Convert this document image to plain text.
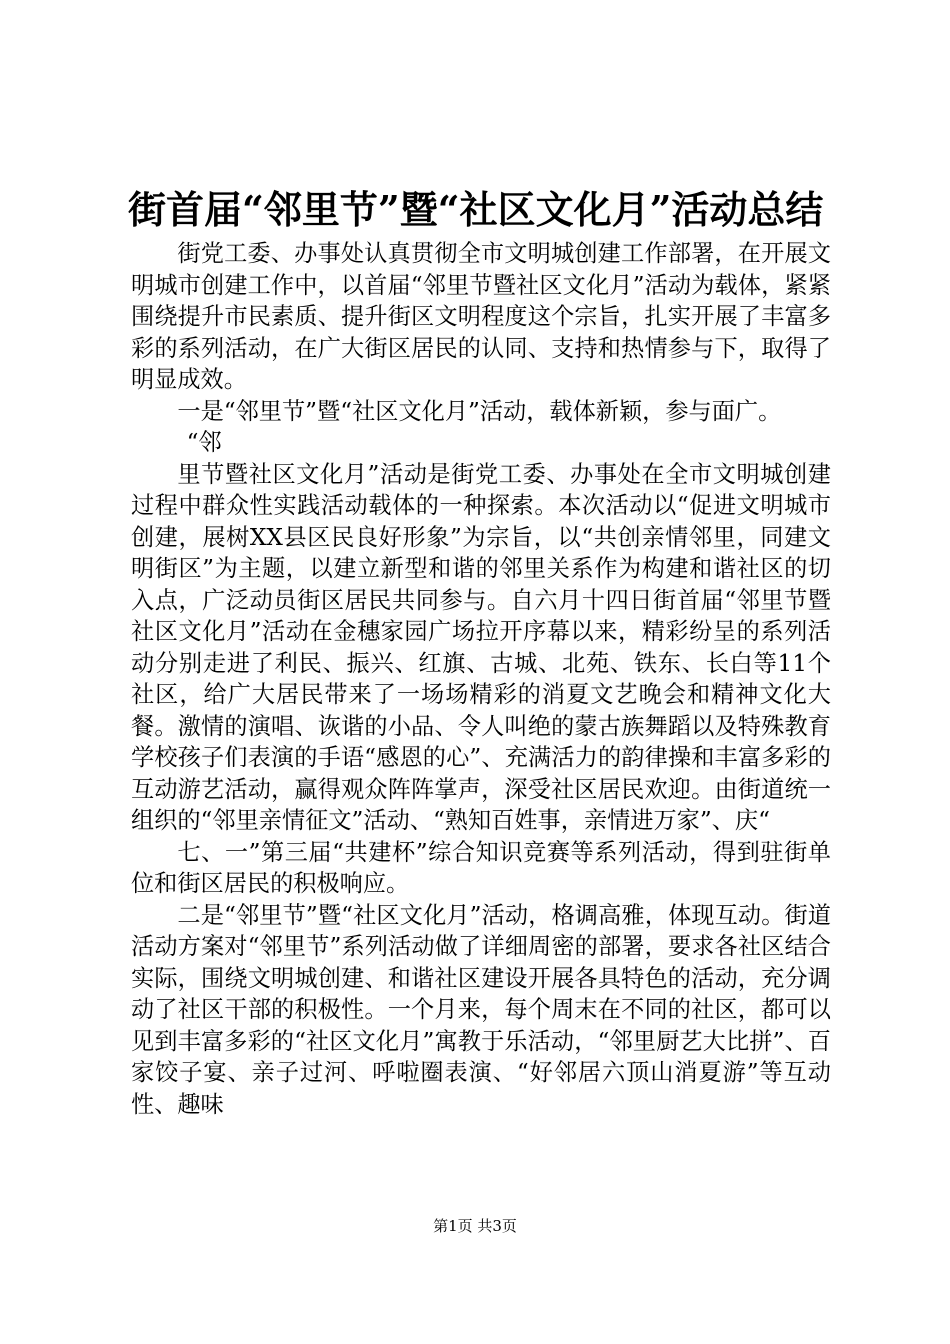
街首届“邻里节”暨“社区文化月”活动总结

街党工委、办事处认真贯彻全市文明城创建工作部署，在开展文明城市创建工作中，以首届“邻里节暨社区文化月”活动为载体，紧紧围绕提升市民素质、提升街区文明程度这个宗旨，扎实开展了丰富多彩的系列活动，在广大街区居民的认同、支持和热情参与下，取得了明显成效。

一是“邻里节”暨“社区文化月”活动，载体新颖，参与面广。

“邻

里节暨社区文化月”活动是街党工委、办事处在全市文明城创建过程中群众性实践活动载体的一种探索。本次活动以“促进文明城市创建，展树XX县区民良好形象”为宗旨，以“共创亲情邻里，同建文明街区”为主题，以建立新型和谐的邻里关系作为构建和谐社区的切入点，广泛动员街区居民共同参与。自六月十四日街首届“邻里节暨社区文化月”活动在金穗家园广场拉开序幕以来，精彩纷呈的系列活动分别走进了利民、振兴、红旗、古城、北苑、铁东、长白等11个社区，给广大居民带来了一场场精彩的消夏文艺晚会和精神文化大餐。激情的演唱、诙谐的小品、令人叫绝的蒙古族舞蹈以及特殊教育学校孩子们表演的手语“感恩的心”、充满活力的韵律操和丰富多彩的互动游艺活动，赢得观众阵阵掌声，深受社区居民欢迎。由街道统一组织的“邻里亲情征文”活动、“熟知百姓事，亲情进万家”、庆“

七、一”第三届“共建杯”综合知识竞赛等系列活动，得到驻街单位和街区居民的积极响应。

二是“邻里节”暨“社区文化月”活动，格调高雅，体现互动。街道活动方案对“邻里节”系列活动做了详细周密的部署，要求各社区结合实际，围绕文明城创建、和谐社区建设开展各具特色的活动，充分调动了社区干部的积极性。一个月来，每个周末在不同的社区，都可以见到丰富多彩的“社区文化月”寓教于乐活动，“邻里厨艺大比拼”、百家饺子宴、亲子过河、呼啦圈表演、“好邻居六顶山消夏游”等互动性、趣味

第1页 共3页
